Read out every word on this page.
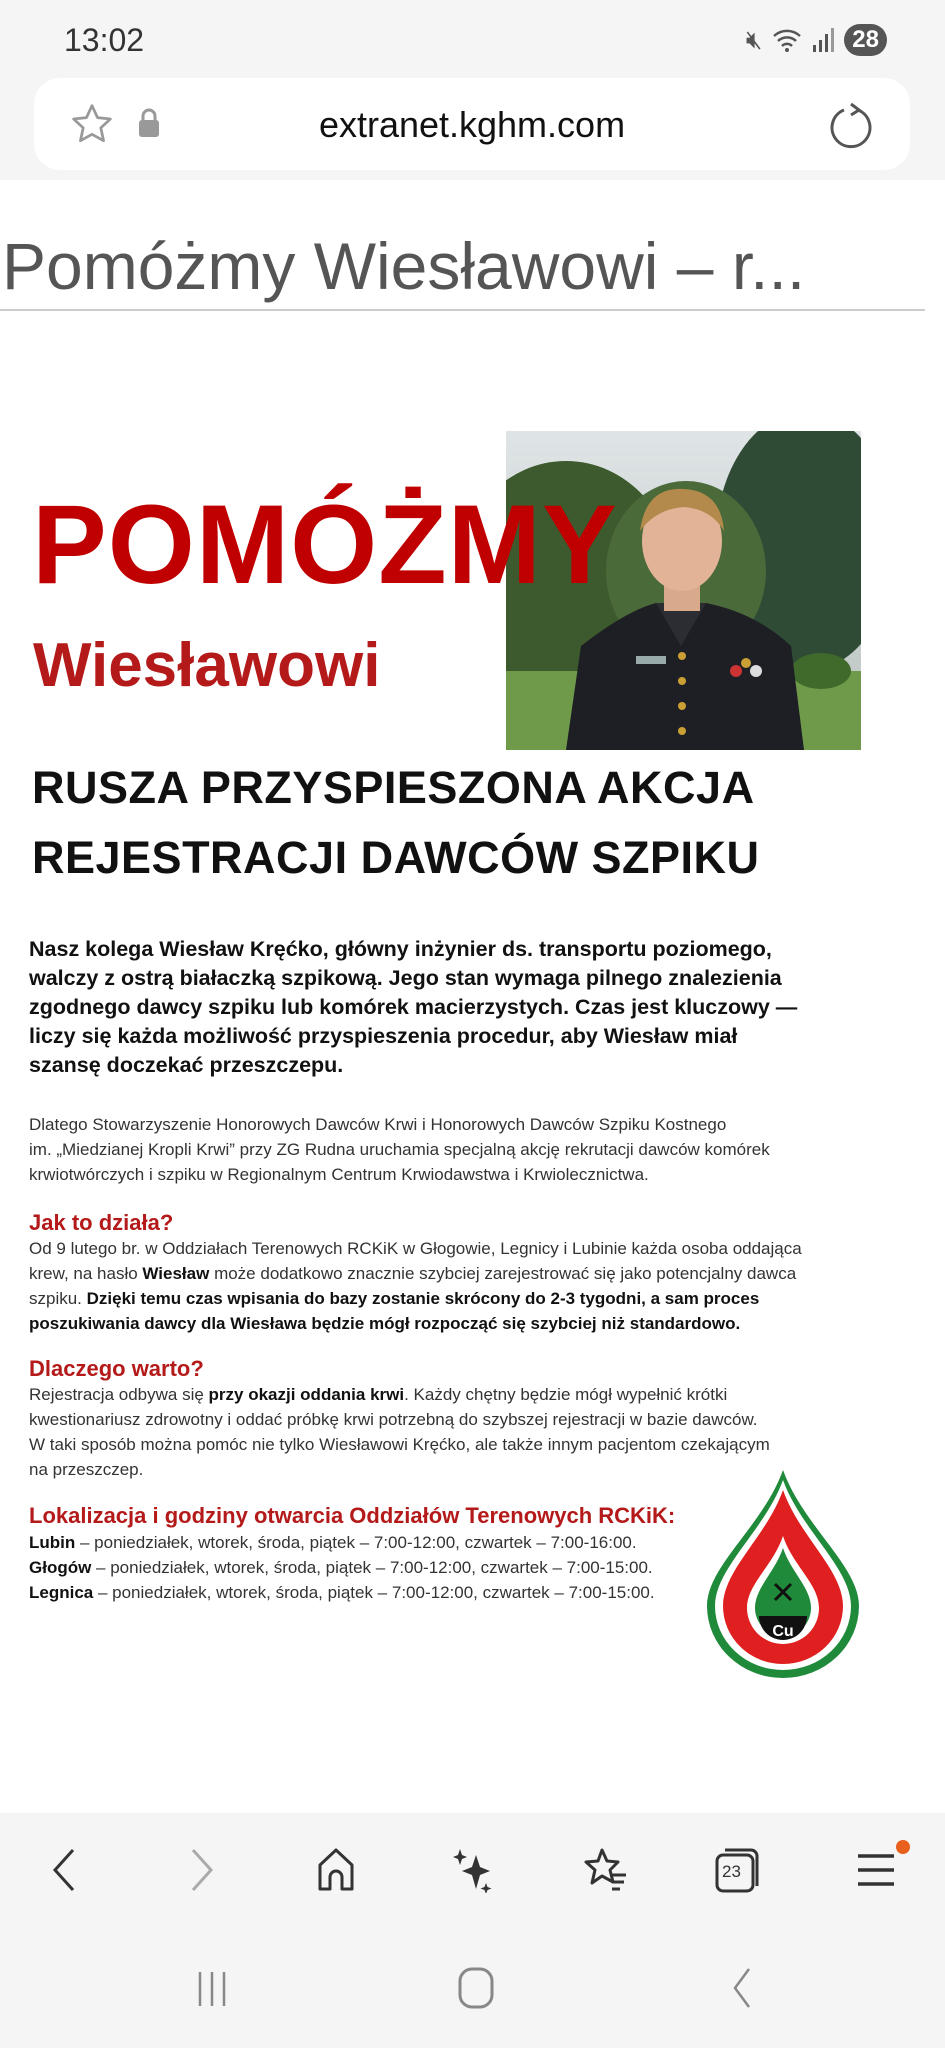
13:02	🔇︎	28
extranet.kghm.com
Pomóżmy Wiesławowi – r...
POMÓŻMY
Wiesławowi
RUSZA PRZYSPIESZONA AKCJA
REJESTRACJI DAWCÓW SZPIKU
Nasz kolega Wiesław Kręćko, główny inżynier ds. transportu poziomego,
walczy z ostrą białaczką szpikową. Jego stan wymaga pilnego znalezienia
zgodnego dawcy szpiku lub komórek macierzystych. Czas jest kluczowy —
liczy się każda możliwość przyspieszenia procedur, aby Wiesław miał
szansę doczekać przeszczepu.
Dlatego Stowarzyszenie Honorowych Dawców Krwi i Honorowych Dawców Szpiku Kostnego
im. „Miedzianej Kropli Krwi” przy ZG Rudna uruchamia specjalną akcję rekrutacji dawców komórek
krwiotwórczych i szpiku w Regionalnym Centrum Krwiodawstwa i Krwiolecznictwa.
Jak to działa?
Od 9 lutego br. w Oddziałach Terenowych RCKiK w Głogowie, Legnicy i Lubinie każda osoba oddająca
krew, na hasło Wiesław może dodatkowo znacznie szybciej zarejestrować się jako potencjalny dawca
szpiku. Dzięki temu czas wpisania do bazy zostanie skrócony do 2-3 tygodni, a sam proces
poszukiwania dawcy dla Wiesława będzie mógł rozpocząć się szybciej niż standardowo.
Dlaczego warto?
Rejestracja odbywa się przy okazji oddania krwi. Każdy chętny będzie mógł wypełnić krótki
kwestionariusz zdrowotny i oddać próbkę krwi potrzebną do szybszej rejestracji w bazie dawców.
W taki sposób można pomóc nie tylko Wiesławowi Kręćko, ale także innym pacjentom czekającym
na przeszczep.
Lokalizacja i godziny otwarcia Oddziałów Terenowych RCKiK:
Lubin – poniedziałek, wtorek, środa, piątek – 7:00-12:00, czwartek – 7:00-16:00.
Głogów – poniedziałek, wtorek, środa, piątek – 7:00-12:00, czwartek – 7:00-15:00.
Legnica – poniedziałek, wtorek, środa, piątek – 7:00-12:00, czwartek – 7:00-15:00.
Cu
23
